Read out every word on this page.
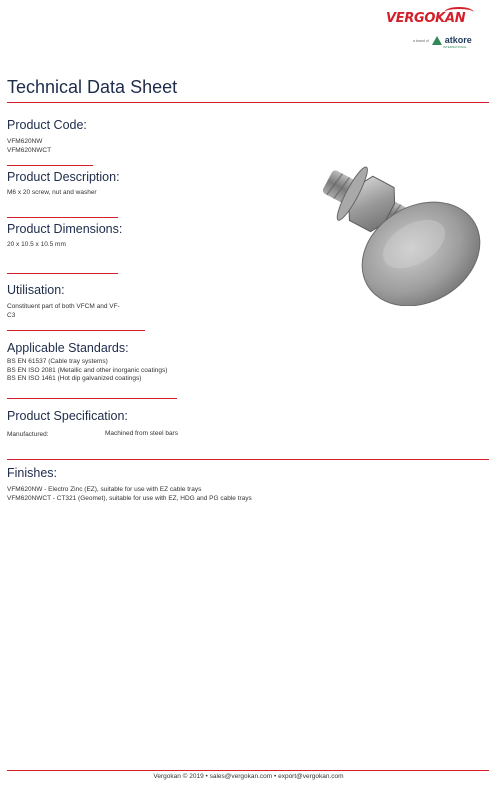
VERGOKAN
a brand of atkore
INTERNATIONAL
Technical Data Sheet
Product Code:
VFM620NW
VFM620NWCT
Product Description:
M6 x 20 screw, nut and washer
Product Dimensions:
20 x 10.5 x 10.5 mm
Utilisation:
Constituent part of both VFCM and VF-
C3
Applicable Standards:
BS EN 61537 (Cable tray systems)
BS EN ISO 2081 (Metallic and other inorganic coatings)
BS EN ISO 1461 (Hot dip galvanized coatings)
Product Specification:
Manufactured:	Machined from steel bars
Finishes:
VFM620NW - Electro Zinc (EZ), suitable for use with EZ cable trays
VFM620NWCT - CT321 (Geomet), suitable for use with EZ, HDG and PG cable trays
Vergokan © 2019 • sales@vergokan.com • export@vergokan.com
